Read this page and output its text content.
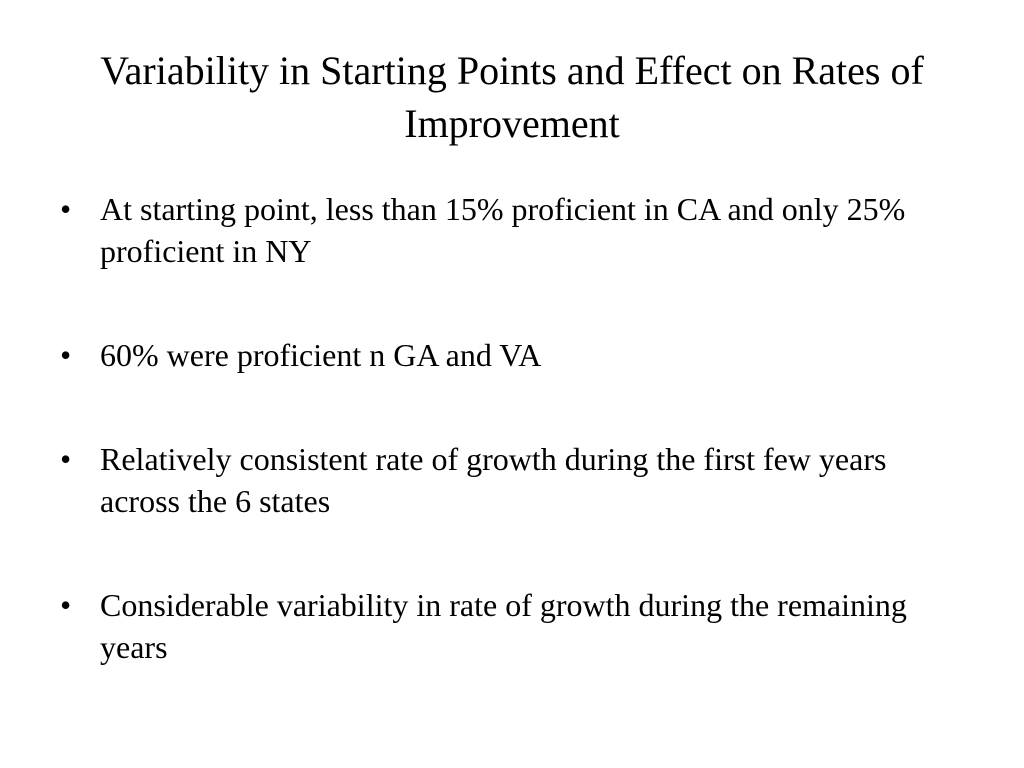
Variability in Starting Points and Effect on Rates of Improvement
• At starting point, less than 15% proficient in CA and only 25% proficient in NY
• 60% were proficient n GA and VA
• Relatively consistent rate of growth during the first few years across the 6 states
• Considerable variability in rate of growth during the remaining years
